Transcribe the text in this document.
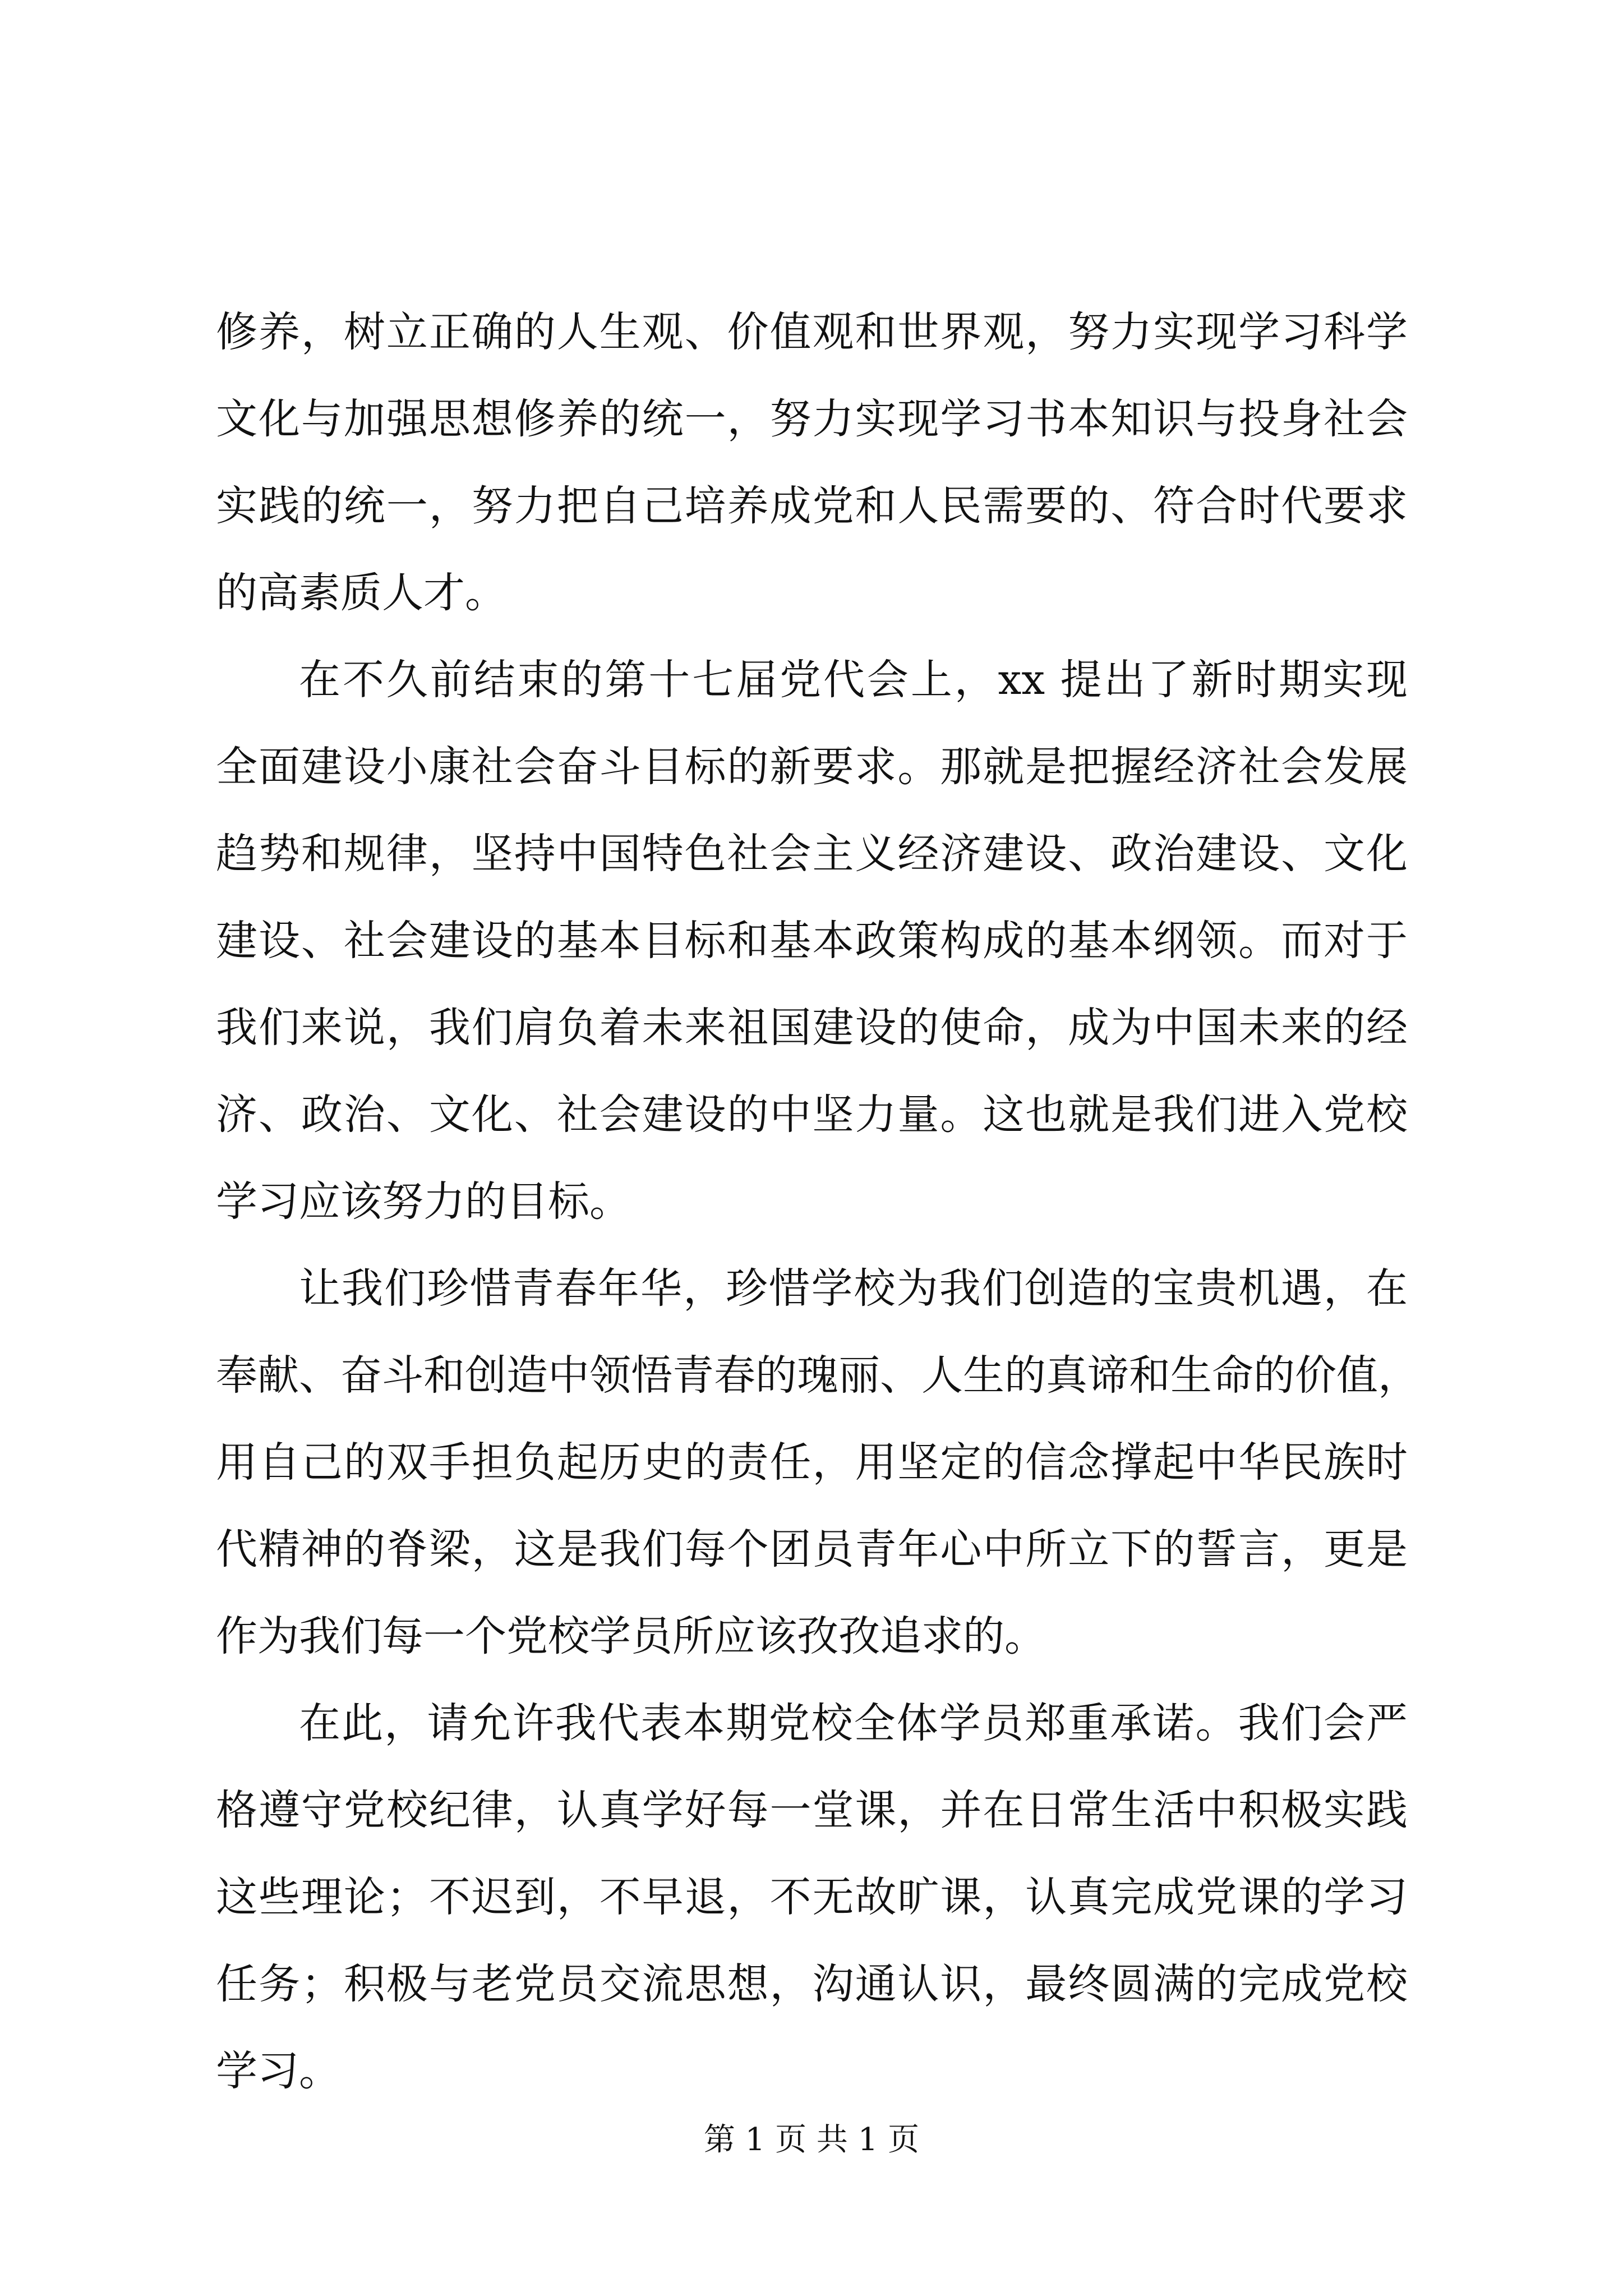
修养，树立正确的人生观、价值观和世界观，努力实现学习科学
文化与加强思想修养的统一，努力实现学习书本知识与投身社会
实践的统一，努力把自己培养成党和人民需要的、符合时代要求
的高素质人才。
在不久前结束的第十七届党代会上，xx 提出了新时期实现
全面建设小康社会奋斗目标的新要求。那就是把握经济社会发展
趋势和规律，坚持中国特色社会主义经济建设、政治建设、文化
建设、社会建设的基本目标和基本政策构成的基本纲领。而对于
我们来说，我们肩负着未来祖国建设的使命，成为中国未来的经
济、政治、文化、社会建设的中坚力量。这也就是我们进入党校
学习应该努力的目标。
让我们珍惜青春年华，珍惜学校为我们创造的宝贵机遇，在
奉献、奋斗和创造中领悟青春的瑰丽、人生的真谛和生命的价值，
用自己的双手担负起历史的责任，用坚定的信念撑起中华民族时
代精神的脊梁，这是我们每个团员青年心中所立下的誓言，更是
作为我们每一个党校学员所应该孜孜追求的。
在此，请允许我代表本期党校全体学员郑重承诺。我们会严
格遵守党校纪律，认真学好每一堂课，并在日常生活中积极实践
这些理论；不迟到，不早退，不无故旷课，认真完成党课的学习
任务；积极与老党员交流思想，沟通认识，最终圆满的完成党校
学习。
第 1 页 共 1 页
